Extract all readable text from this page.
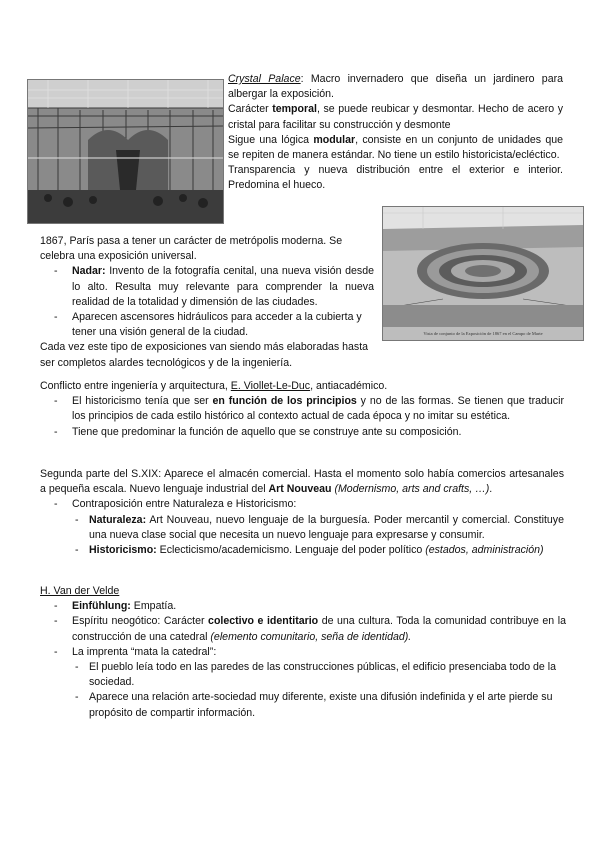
Vista de conjunto de la Exposición de 1867 en el Campo de Marte

Crystal Palace: Macro invernadero que diseña un jardinero para albergar la exposición.

Carácter temporal, se puede reubicar y desmontar. Hecho de acero y cristal para facilitar su construcción y desmonte

Sigue una lógica modular, consiste en un conjunto de unidades que se repiten de manera estándar. No tiene un estilo historicista/ecléctico.

Transparencia y nueva distribución entre el exterior e interior. Predomina el hueco.

1867, París pasa a tener un carácter de metrópolis moderna. Se celebra una exposición universal.

- Nadar: Invento de la fotografía cenital, una nueva visión desde lo alto. Resulta muy relevante para comprender la nueva realidad de la totalidad y dimensión de las ciudades.
- Aparecen ascensores hidráulicos para acceder a la cubierta y tener una visión general de la ciudad.

Cada vez este tipo de exposiciones van siendo más elaboradas hasta ser completos alardes tecnológicos y de la ingeniería.

Conflicto entre ingeniería y arquitectura, E. Viollet-Le-Duc, antiacadémico.

- El historicismo tenía que ser en función de los principios y no de las formas. Se tienen que traducir los principios de cada estilo histórico al contexto actual de cada época y no imitar su estética.
- Tiene que predominar la función de aquello que se construye ante su composición.

Segunda parte del S.XIX: Aparece el almacén comercial. Hasta el momento solo había comercios artesanales a pequeña escala. Nuevo lenguaje industrial del Art Nouveau (Modernismo, arts and crafts, …).

- Contraposición entre Naturaleza e Historicismo:
- Naturaleza: Art Nouveau, nuevo lenguaje de la burguesía. Poder mercantil y comercial. Constituye una nueva clase social que necesita un nuevo lenguaje para expresarse y consumir.
- Historicismo: Eclecticismo/academicismo. Lenguaje del poder político (estados, administración)

H. Van der Velde

- Einfühlung: Empatía.
- Espíritu neogótico: Carácter colectivo e identitario de una cultura. Toda la comunidad contribuye en la construcción de una catedral (elemento comunitario, seña de identidad).
- La imprenta “mata la catedral”:
- El pueblo leía todo en las paredes de las construcciones públicas, el edificio presenciaba todo de la sociedad.
- Aparece una relación arte-sociedad muy diferente, existe una difusión indefinida y el arte pierde su propósito de compartir información.
